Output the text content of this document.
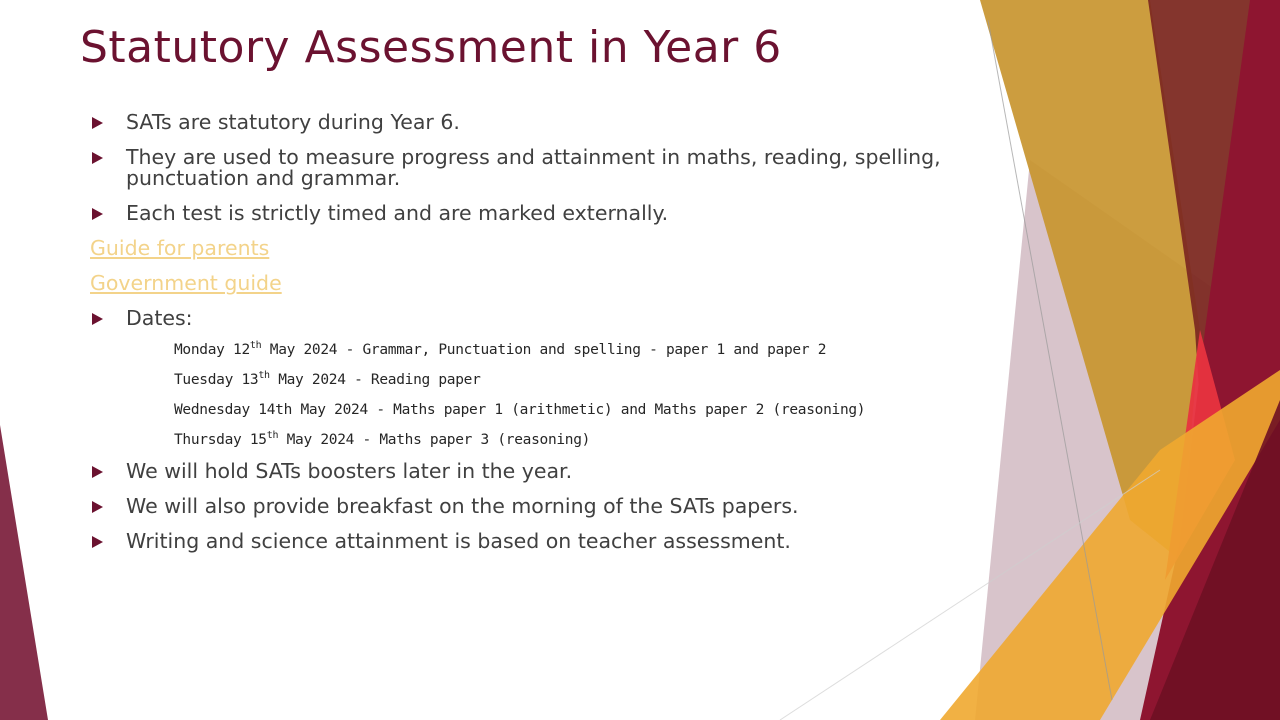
Statutory Assessment in Year 6
SATs are statutory during Year 6.
They are used to measure progress and attainment in maths, reading, spelling, punctuation and grammar.
Each test is strictly timed and are marked externally.
Guide for parents
Government guide
Dates:
Monday 12th May 2024 - Grammar, Punctuation and spelling - paper 1 and paper 2
Tuesday 13th May 2024 - Reading paper
Wednesday 14th May 2024 - Maths paper 1 (arithmetic) and Maths paper 2 (reasoning)
Thursday 15th May 2024 - Maths paper 3 (reasoning)
We will hold SATs boosters later in the year.
We will also provide breakfast on the morning of the SATs papers.
Writing and science attainment is based on teacher assessment.
